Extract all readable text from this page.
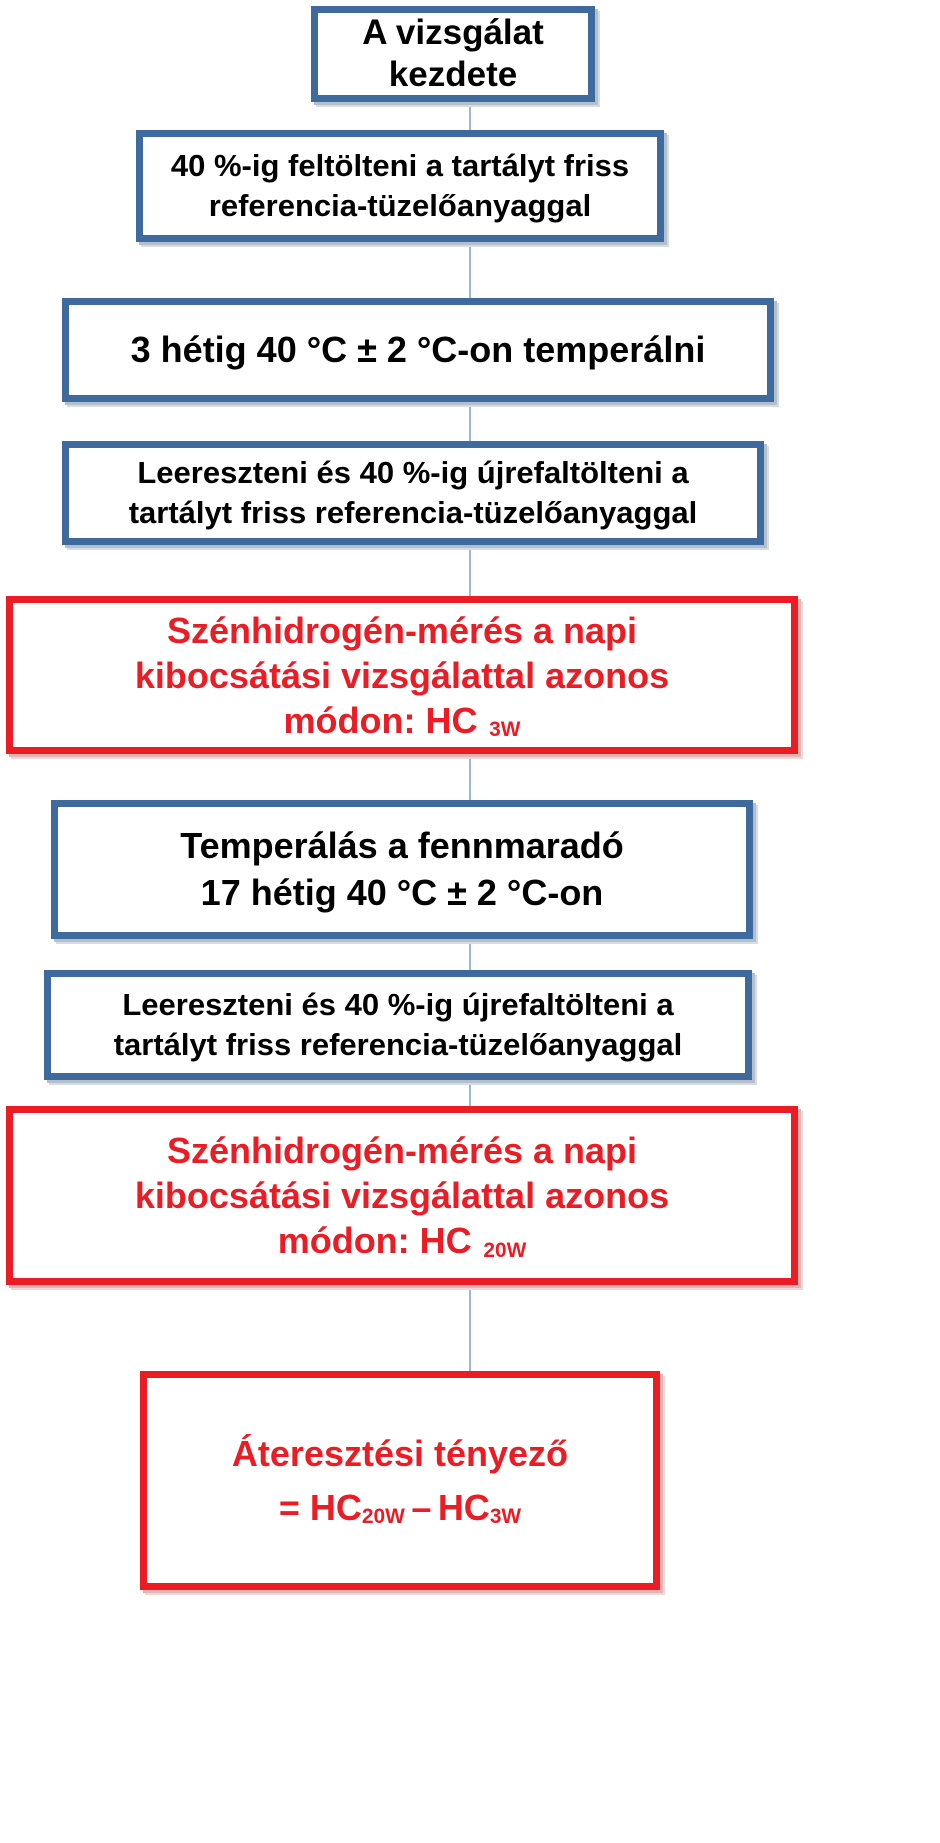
A vizsgálat
kezdete
40 %-ig feltölteni a tartályt friss
referencia-tüzelőanyaggal
3 hétig 40 °C ± 2 °C-on temperálni
Leereszteni és 40 %-ig újrefaltölteni a
tartályt friss referencia-tüzelőanyaggal
Szénhidrogén-mérés a napi
kibocsátási vizsgálattal azonos
módon: HC $_{3W}$
Temperálás a fennmaradó
17 hétig 40 °C ± 2 °C-on
Leereszteni és 40 %-ig újrefaltölteni a
tartályt friss referencia-tüzelőanyaggal
Szénhidrogén-mérés a napi
kibocsátási vizsgálattal azonos
módon: HC $_{20W}$
Áteresztési tényező
= $HC_{20W} - HC_{3W}$
